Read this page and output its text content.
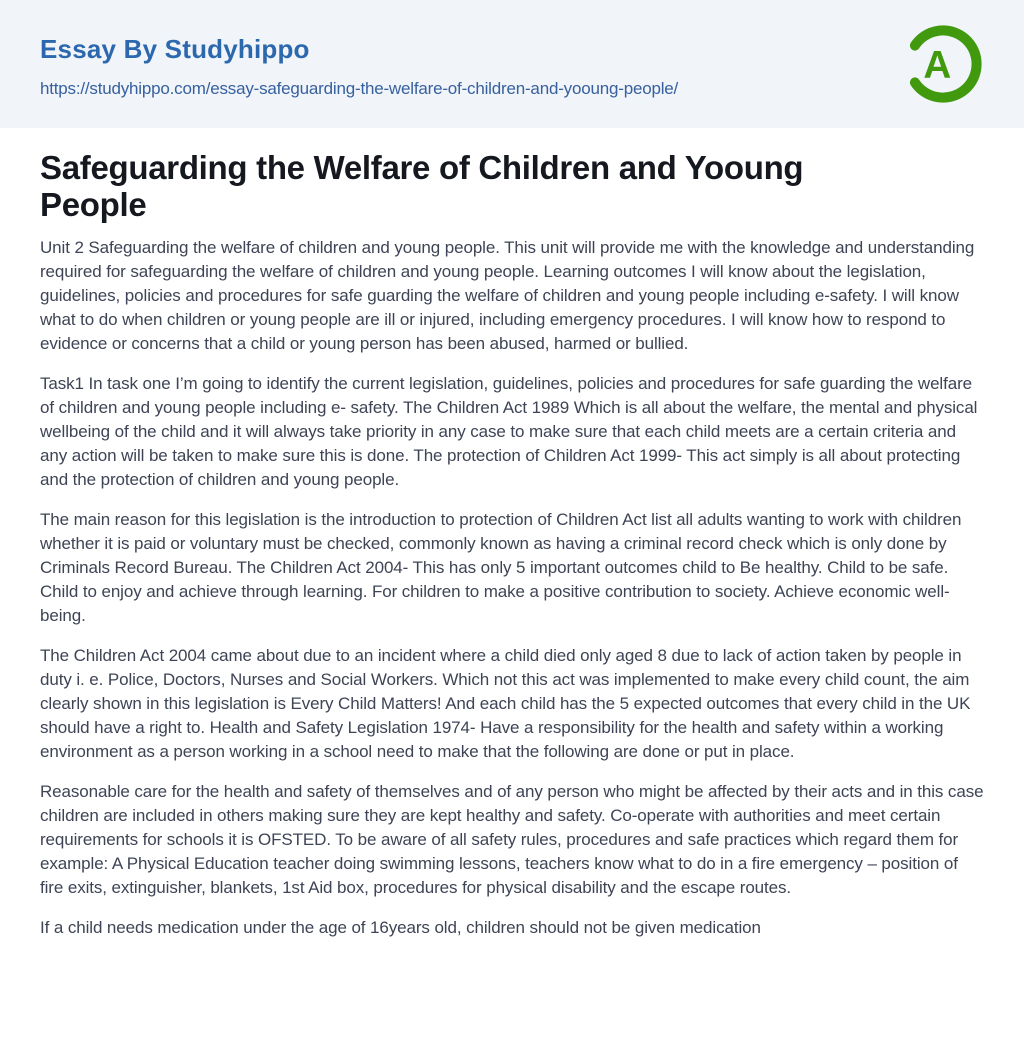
Essay By Studyhippo
https://studyhippo.com/essay-safeguarding-the-welfare-of-children-and-yooung-people/
A
Safeguarding the Welfare of Children and Yooung People

Unit 2 Safeguarding the welfare of children and young people. This unit will provide me with the knowledge and understanding required for safeguarding the welfare of children and young people. Learning outcomes I will know about the legislation, guidelines, policies and procedures for safe guarding the welfare of children and young people including e-safety. I will know what to do when children or young people are ill or injured, including emergency procedures. I will know how to respond to evidence or concerns that a child or young person has been abused, harmed or bullied.

Task1 In task one I’m going to identify the current legislation, guidelines, policies and procedures for safe guarding the welfare of children and young people including e- safety. The Children Act 1989 Which is all about the welfare, the mental and physical wellbeing of the child and it will always take priority in any case to make sure that each child meets are a certain criteria and any action will be taken to make sure this is done. The protection of Children Act 1999- This act simply is all about protecting and the protection of children and young people.

The main reason for this legislation is the introduction to protection of Children Act list all adults wanting to work with children whether it is paid or voluntary must be checked, commonly known as having a criminal record check which is only done by Criminals Record Bureau. The Children Act 2004- This has only 5 important outcomes child to Be healthy. Child to be safe. Child to enjoy and achieve through learning. For children to make a positive contribution to society. Achieve economic well-being.

The Children Act 2004 came about due to an incident where a child died only aged 8 due to lack of action taken by people in duty i. e. Police, Doctors, Nurses and Social Workers. Which not this act was implemented to make every child count, the aim clearly shown in this legislation is Every Child Matters! And each child has the 5 expected outcomes that every child in the UK should have a right to. Health and Safety Legislation 1974- Have a responsibility for the health and safety within a working environment as a person working in a school need to make that the following are done or put in place.

Reasonable care for the health and safety of themselves and of any person who might be affected by their acts and in this case children are included in others making sure they are kept healthy and safety. Co-operate with authorities and meet certain requirements for schools it is OFSTED. To be aware of all safety rules, procedures and safe practices which regard them for example: A Physical Education teacher doing swimming lessons, teachers know what to do in a fire emergency – position of fire exits, extinguisher, blankets, 1st Aid box, procedures for physical disability and the escape routes.

If a child needs medication under the age of 16years old, children should not be given medication
